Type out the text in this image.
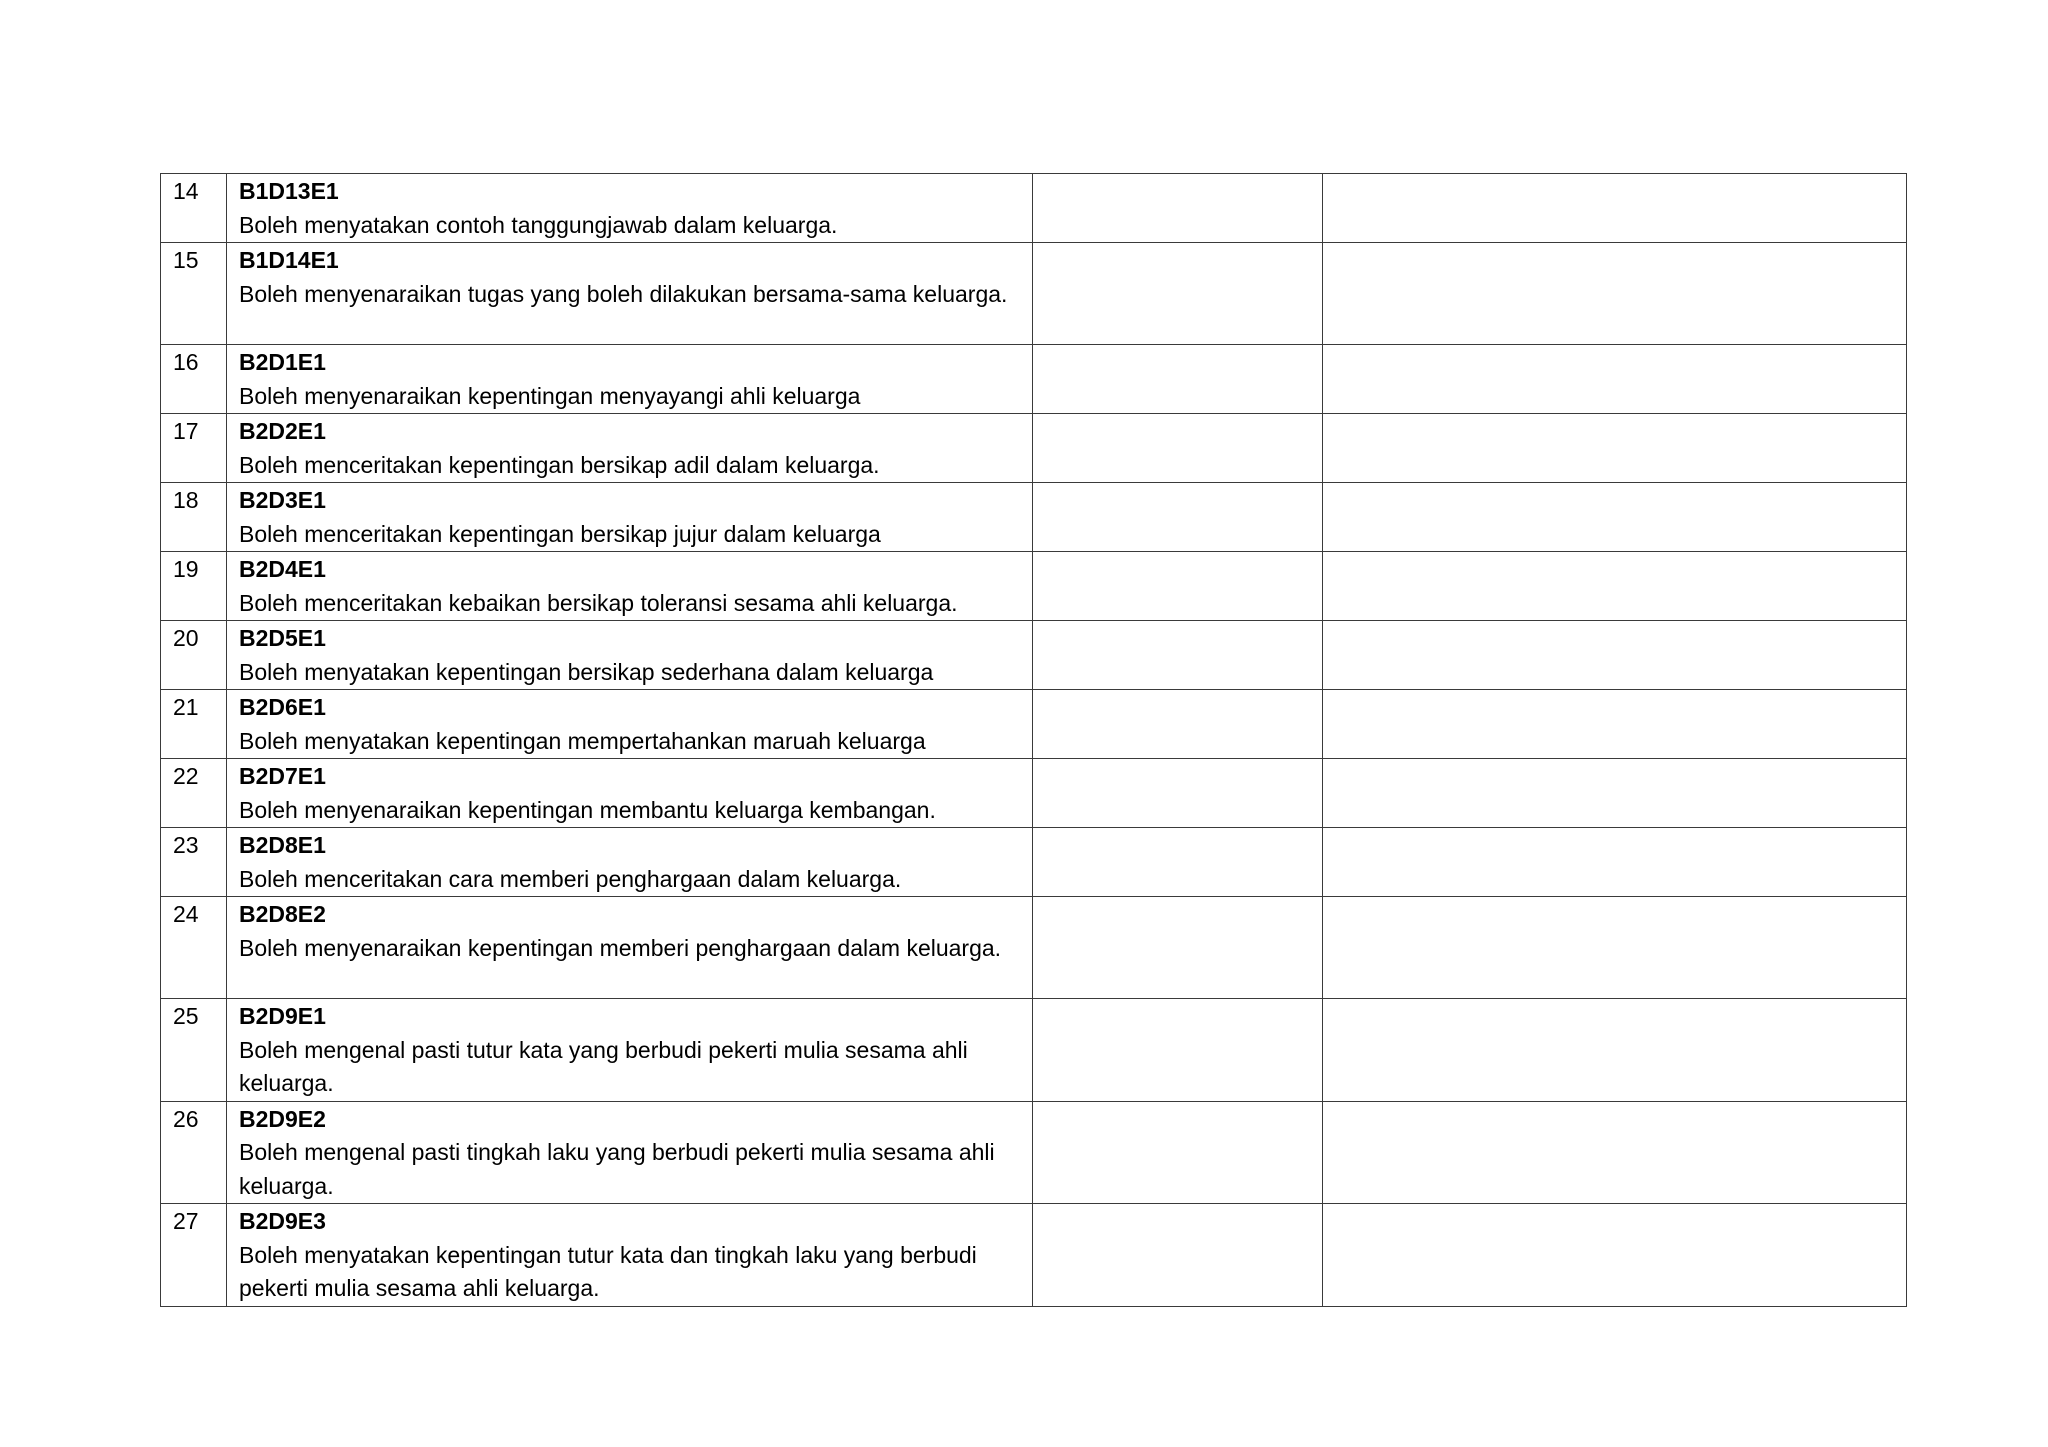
14	B1D13E1
Boleh menyatakan contoh tanggungjawab dalam keluarga.		

15	B1D14E1
Boleh menyenaraikan tugas yang boleh dilakukan bersama-sama keluarga.		

16	B2D1E1
Boleh menyenaraikan kepentingan menyayangi ahli keluarga		

17	B2D2E1
Boleh menceritakan kepentingan bersikap adil dalam keluarga.		

18	B2D3E1
Boleh menceritakan kepentingan bersikap jujur dalam keluarga		

19	B2D4E1
Boleh menceritakan kebaikan bersikap toleransi sesama ahli keluarga.		

20	B2D5E1
Boleh menyatakan kepentingan bersikap sederhana dalam keluarga		

21	B2D6E1
Boleh menyatakan kepentingan mempertahankan maruah keluarga		

22	B2D7E1
Boleh menyenaraikan kepentingan membantu keluarga kembangan.		

23	B2D8E1
Boleh menceritakan cara memberi penghargaan dalam keluarga.		

24	B2D8E2
Boleh menyenaraikan kepentingan memberi penghargaan dalam keluarga.		

25	B2D9E1
Boleh mengenal pasti tutur kata yang berbudi pekerti mulia sesama ahli keluarga.		

26	B2D9E2
Boleh mengenal pasti tingkah laku yang berbudi pekerti mulia sesama ahli keluarga.		

27	B2D9E3
Boleh menyatakan kepentingan tutur kata dan tingkah laku yang berbudi pekerti mulia sesama ahli keluarga.		
